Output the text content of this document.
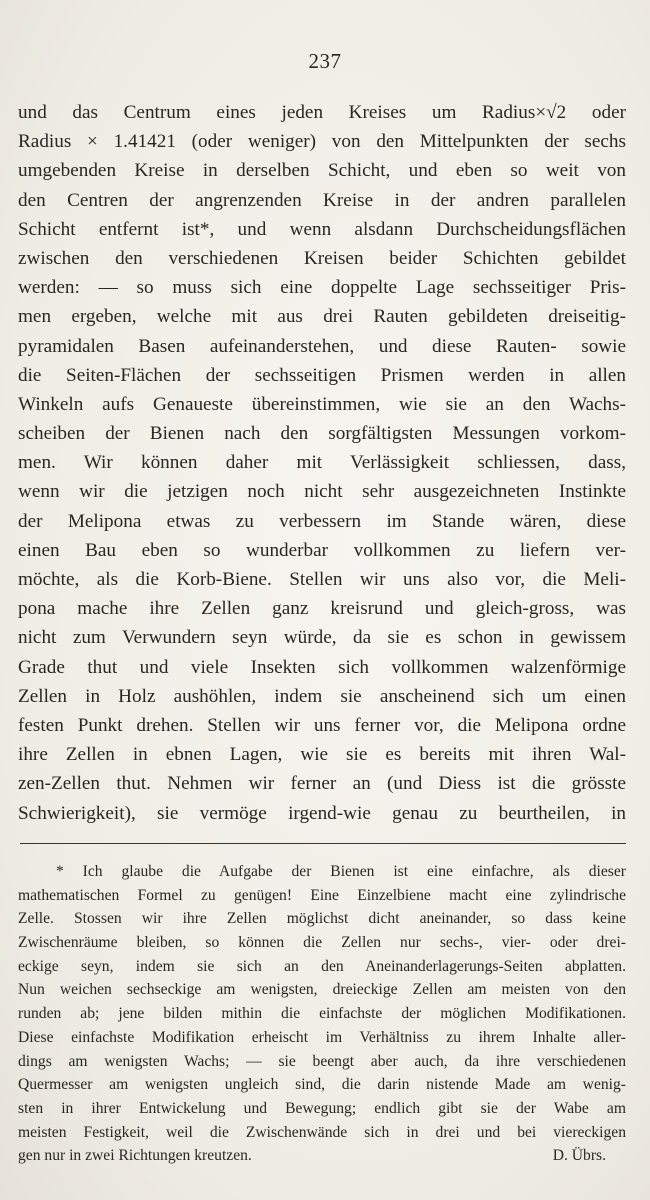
237
und das Centrum eines jeden Kreises um Radius×√2 oder
Radius × 1.41421 (oder weniger) von den Mittelpunkten der sechs
umgebenden Kreise in derselben Schicht, und eben so weit von
den Centren der angrenzenden Kreise in der andren parallelen
Schicht entfernt ist*, und wenn alsdann Durchscheidungsflächen
zwischen den verschiedenen Kreisen beider Schichten gebildet
werden: — so muss sich eine doppelte Lage sechsseitiger Pris-
men ergeben, welche mit aus drei Rauten gebildeten dreiseitig-
pyramidalen Basen aufeinanderstehen, und diese Rauten- sowie
die Seiten-Flächen der sechsseitigen Prismen werden in allen
Winkeln aufs Genaueste übereinstimmen, wie sie an den Wachs-
scheiben der Bienen nach den sorgfältigsten Messungen vorkom-
men. Wir können daher mit Verlässigkeit schliessen, dass,
wenn wir die jetzigen noch nicht sehr ausgezeichneten Instinkte
der Melipona etwas zu verbessern im Stande wären, diese
einen Bau eben so wunderbar vollkommen zu liefern ver-
möchte, als die Korb-Biene. Stellen wir uns also vor, die Meli-
pona mache ihre Zellen ganz kreisrund und gleich-gross, was
nicht zum Verwundern seyn würde, da sie es schon in gewissem
Grade thut und viele Insekten sich vollkommen walzenförmige
Zellen in Holz aushöhlen, indem sie anscheinend sich um einen
festen Punkt drehen. Stellen wir uns ferner vor, die Melipona ordne
ihre Zellen in ebnen Lagen, wie sie es bereits mit ihren Wal-
zen-Zellen thut. Nehmen wir ferner an (und Diess ist die grösste
Schwierigkeit), sie vermöge irgend-wie genau zu beurtheilen, in
* Ich glaube die Aufgabe der Bienen ist eine einfachre, als dieser
mathematischen Formel zu genügen! Eine Einzelbiene macht eine zylindrische
Zelle. Stossen wir ihre Zellen möglichst dicht aneinander, so dass keine
Zwischenräume bleiben, so können die Zellen nur sechs-, vier- oder drei-
eckige seyn, indem sie sich an den Aneinanderlagerungs-Seiten abplatten.
Nun weichen sechseckige am wenigsten, dreieckige Zellen am meisten von den
runden ab; jene bilden mithin die einfachste der möglichen Modifikationen.
Diese einfachste Modifikation erheischt im Verhältniss zu ihrem Inhalte aller-
dings am wenigsten Wachs; — sie beengt aber auch, da ihre verschiedenen
Quermesser am wenigsten ungleich sind, die darin nistende Made am wenig-
sten in ihrer Entwickelung und Bewegung; endlich gibt sie der Wabe am
meisten Festigkeit, weil die Zwischenwände sich in drei und bei viereckigen
gen nur in zwei Richtungen kreutzen.	D. Übrs.
